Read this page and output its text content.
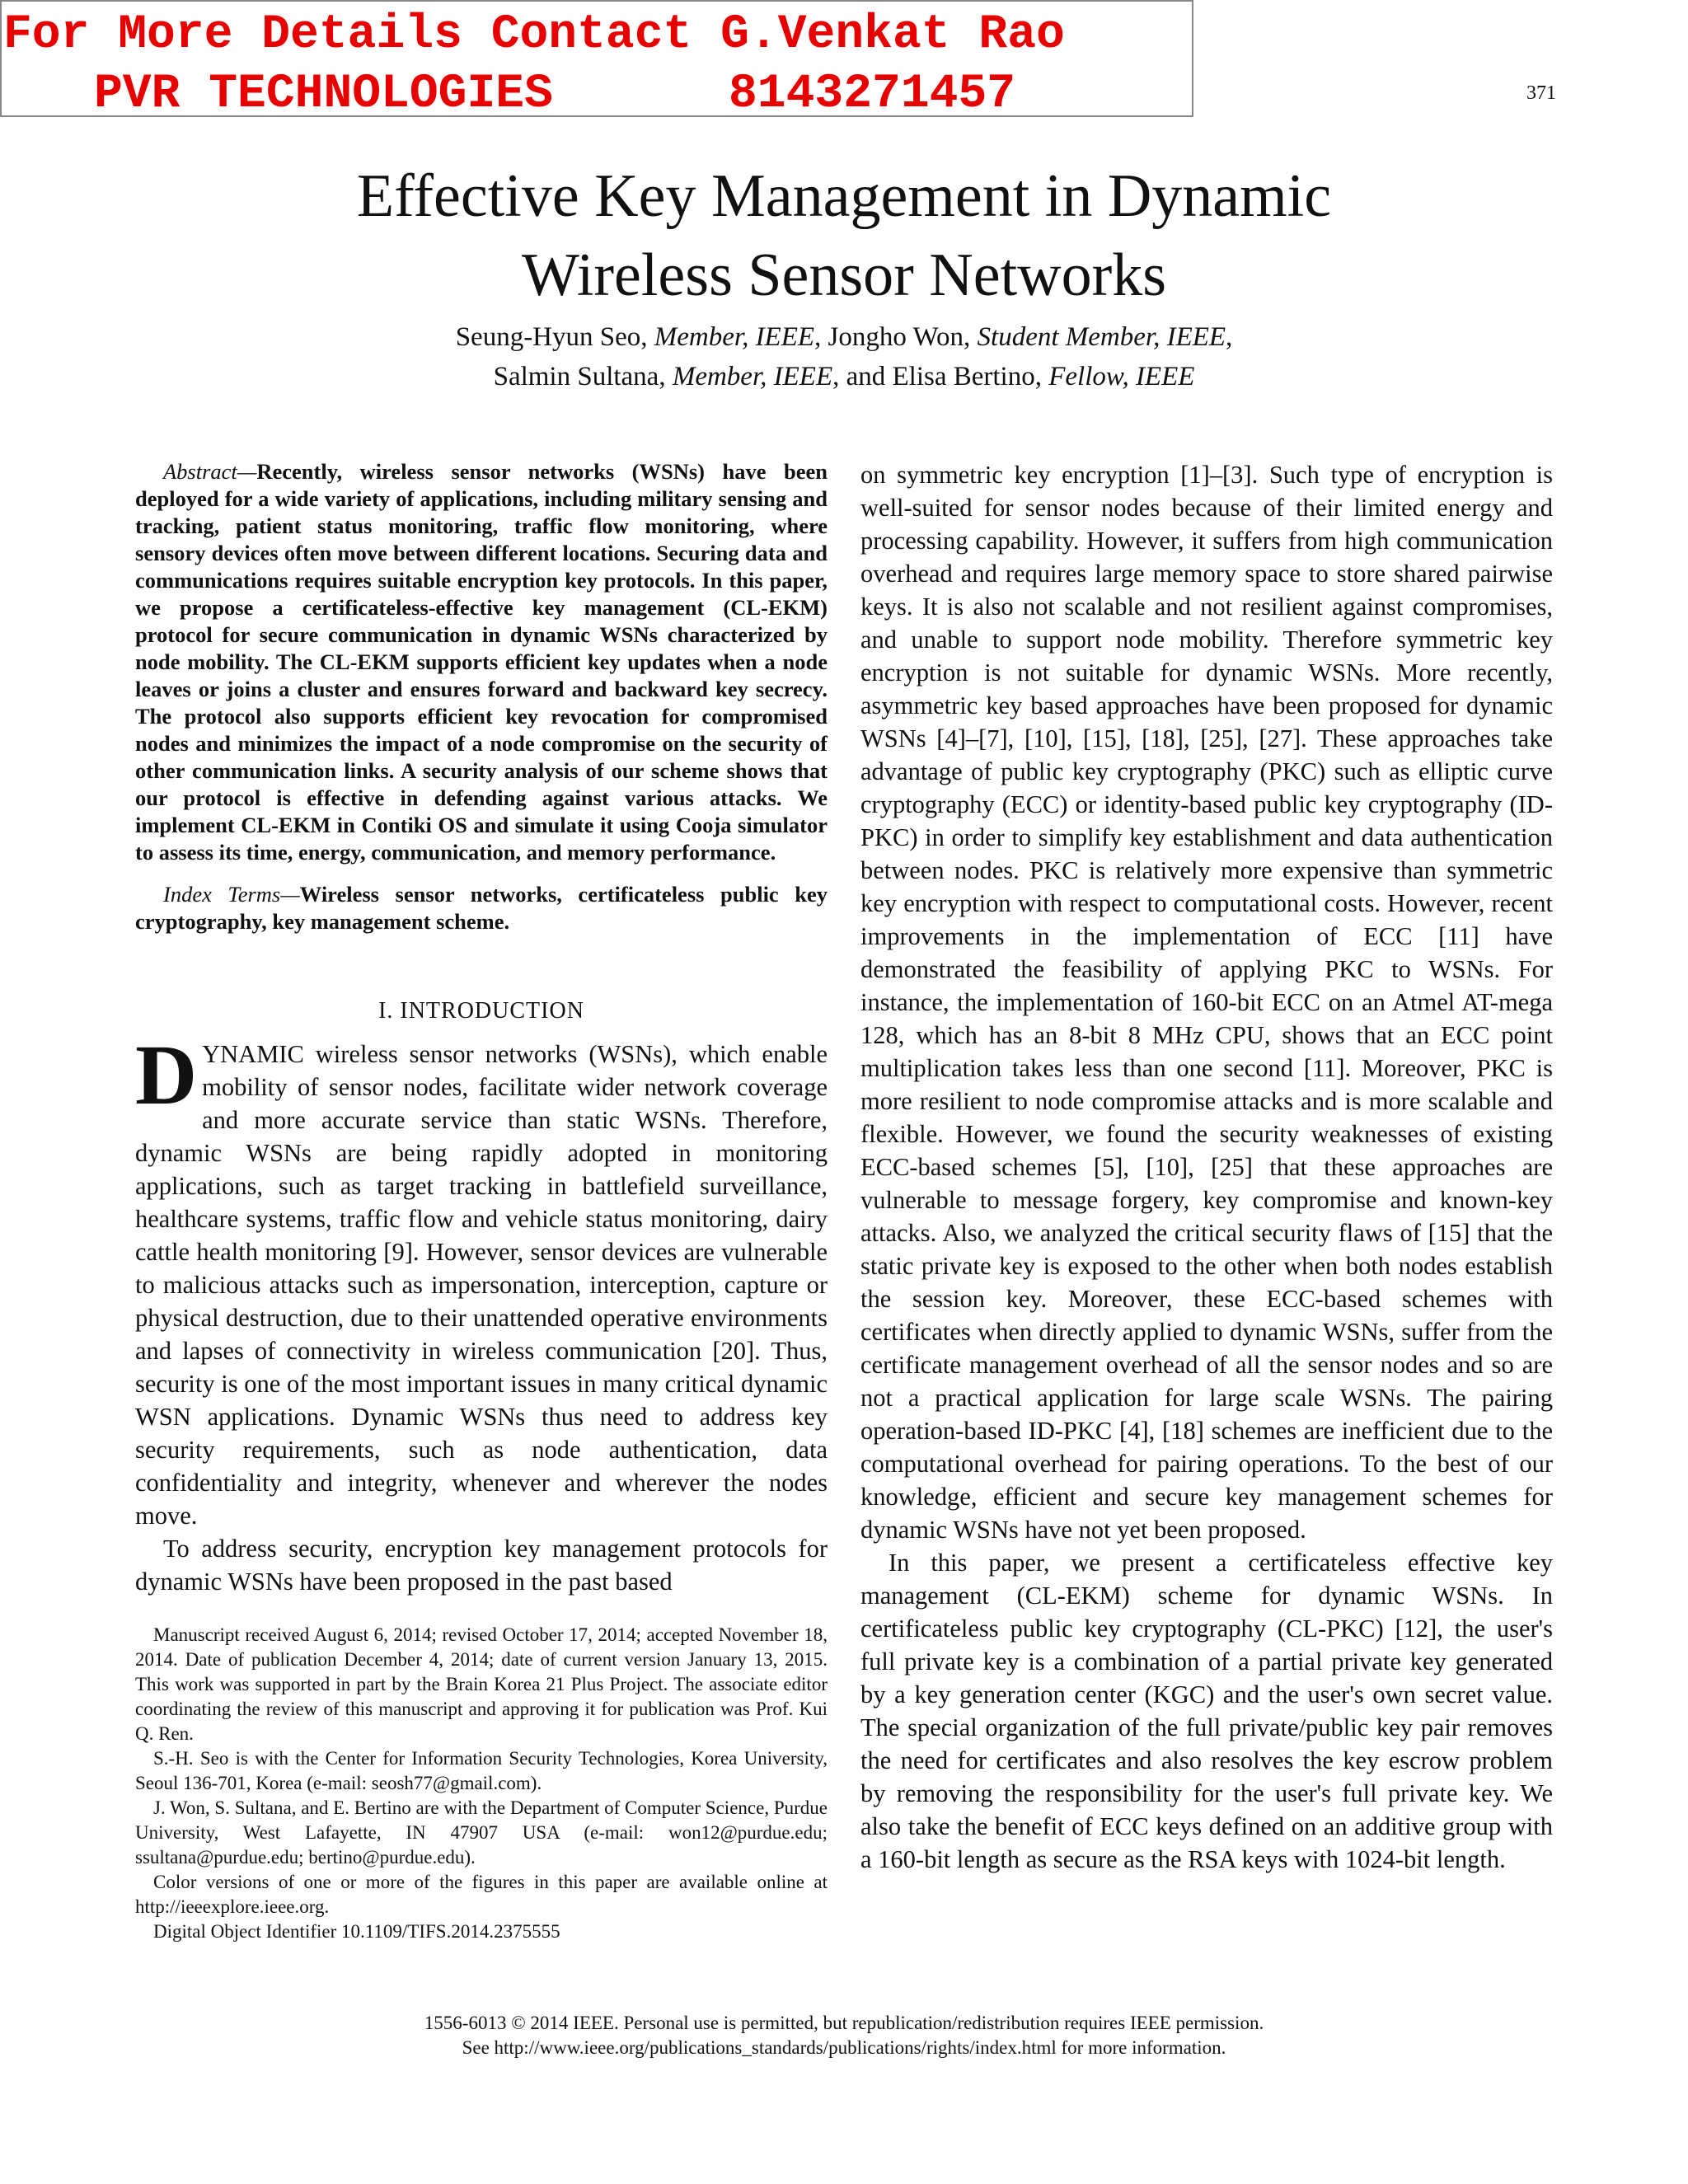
For More Details Contact G.Venkat Rao

PVR TECHNOLOGIES

	8143271457

	371
Effective Key Management in Dynamic
Wireless Sensor Networks
Seung-Hyun Seo, Member, IEEE, Jongho Won, Student Member, IEEE,
Salmin Sultana, Member, IEEE, and Elisa Bertino, Fellow, IEEE

Abstract—Recently, wireless sensor networks (WSNs) have been deployed for a wide variety of applications, including military sensing and tracking, patient status monitoring, traffic flow monitoring, where sensory devices often move between different locations. Securing data and communications requires suitable encryption key protocols. In this paper, we propose a certificateless-effective key management (CL-EKM) protocol for secure communication in dynamic WSNs characterized by node mobility. The CL-EKM supports efficient key updates when a node leaves or joins a cluster and ensures forward and backward key secrecy. The protocol also supports efficient key revocation for compromised nodes and minimizes the impact of a node compromise on the security of other communication links. A security analysis of our scheme shows that our protocol is effective in defending against various attacks. We implement CL-EKM in Contiki OS and simulate it using Cooja simulator to assess its time, energy, communication, and memory performance.

Index Terms—Wireless sensor networks, certificateless public key cryptography, key management scheme.

I. INTRODUCTION

DYNAMIC wireless sensor networks (WSNs), which enable mobility of sensor nodes, facilitate wider network coverage and more accurate service than static WSNs. Therefore, dynamic WSNs are being rapidly adopted in monitoring applications, such as target tracking in battlefield surveillance, healthcare systems, traffic flow and vehicle status monitoring, dairy cattle health monitoring [9]. However, sensor devices are vulnerable to malicious attacks such as impersonation, interception, capture or physical destruction, due to their unattended operative environments and lapses of connectivity in wireless communication [20]. Thus, security is one of the most important issues in many critical dynamic WSN applications. Dynamic WSNs thus need to address key security requirements, such as node authentication, data confidentiality and integrity, whenever and wherever the nodes move.

To address security, encryption key management protocols for dynamic WSNs have been proposed in the past based

Manuscript received August 6, 2014; revised October 17, 2014; accepted November 18, 2014. Date of publication December 4, 2014; date of current version January 13, 2015. This work was supported in part by the Brain Korea 21 Plus Project. The associate editor coordinating the review of this manuscript and approving it for publication was Prof. Kui Q. Ren.

S.-H. Seo is with the Center for Information Security Technologies, Korea University, Seoul 136-701, Korea (e-mail: seosh77@gmail.com).

J. Won, S. Sultana, and E. Bertino are with the Department of Computer Science, Purdue University, West Lafayette, IN 47907 USA (e-mail: won12@purdue.edu; ssultana@purdue.edu; bertino@purdue.edu).

Color versions of one or more of the figures in this paper are available online at http://ieeexplore.ieee.org.

Digital Object Identifier 10.1109/TIFS.2014.2375555

on symmetric key encryption [1]–[3]. Such type of encryption is well-suited for sensor nodes because of their limited energy and processing capability. However, it suffers from high communication overhead and requires large memory space to store shared pairwise keys. It is also not scalable and not resilient against compromises, and unable to support node mobility. Therefore symmetric key encryption is not suitable for dynamic WSNs. More recently, asymmetric key based approaches have been proposed for dynamic WSNs [4]–[7], [10], [15], [18], [25], [27]. These approaches take advantage of public key cryptography (PKC) such as elliptic curve cryptography (ECC) or identity-based public key cryptography (ID-PKC) in order to simplify key establishment and data authentication between nodes. PKC is relatively more expensive than symmetric key encryption with respect to computational costs. However, recent improvements in the implementation of ECC [11] have demonstrated the feasibility of applying PKC to WSNs. For instance, the implementation of 160-bit ECC on an Atmel AT-mega 128, which has an 8-bit 8 MHz CPU, shows that an ECC point multiplication takes less than one second [11]. Moreover, PKC is more resilient to node compromise attacks and is more scalable and flexible. However, we found the security weaknesses of existing ECC-based schemes [5], [10], [25] that these approaches are vulnerable to message forgery, key compromise and known-key attacks. Also, we analyzed the critical security flaws of [15] that the static private key is exposed to the other when both nodes establish the session key. Moreover, these ECC-based schemes with certificates when directly applied to dynamic WSNs, suffer from the certificate management overhead of all the sensor nodes and so are not a practical application for large scale WSNs. The pairing operation-based ID-PKC [4], [18] schemes are inefficient due to the computational overhead for pairing operations. To the best of our knowledge, efficient and secure key management schemes for dynamic WSNs have not yet been proposed.

In this paper, we present a certificateless effective key management (CL-EKM) scheme for dynamic WSNs. In certificateless public key cryptography (CL-PKC) [12], the user's full private key is a combination of a partial private key generated by a key generation center (KGC) and the user's own secret value. The special organization of the full private/public key pair removes the need for certificates and also resolves the key escrow problem by removing the responsibility for the user's full private key. We also take the benefit of ECC keys defined on an additive group with a 160-bit length as secure as the RSA keys with 1024-bit length.

1556-6013 © 2014 IEEE. Personal use is permitted, but republication/redistribution requires IEEE permission.
See http://www.ieee.org/publications_standards/publications/rights/index.html for more information.
